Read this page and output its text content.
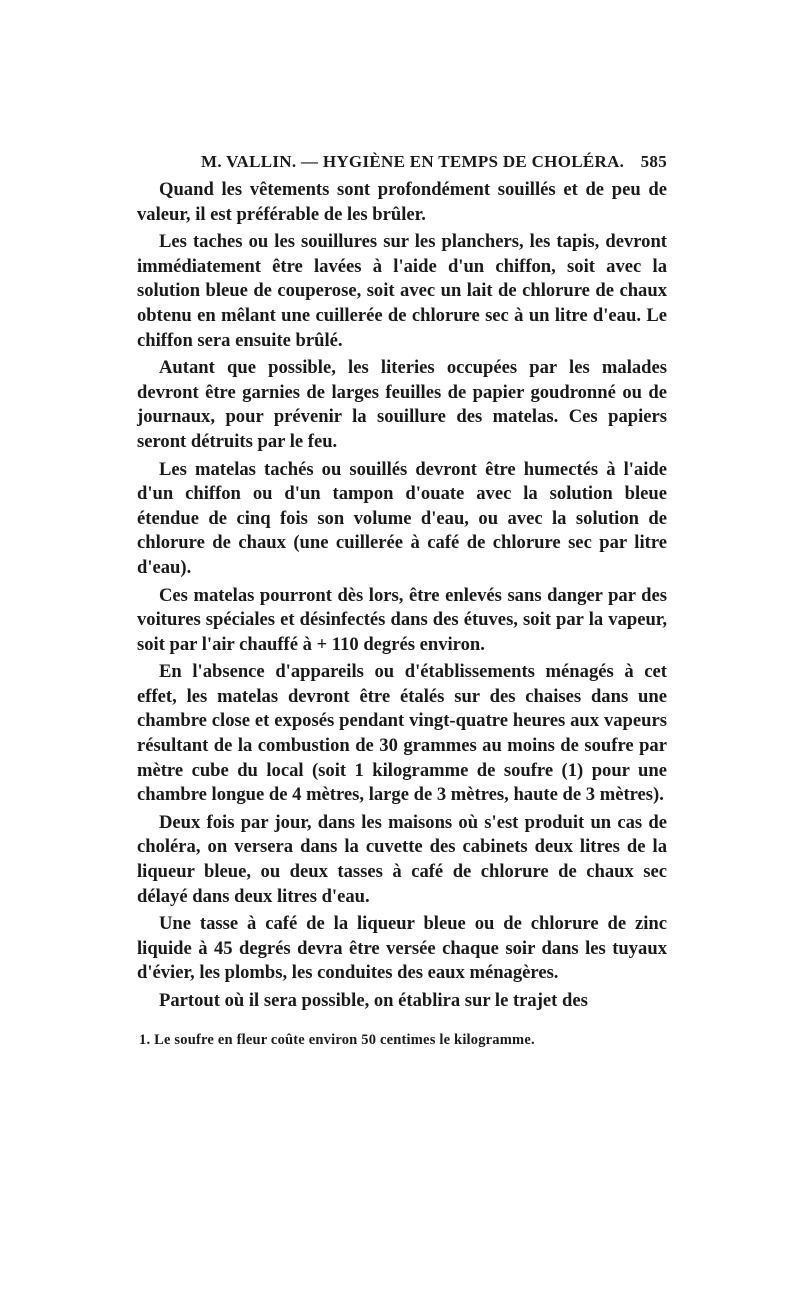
M. VALLIN. — HYGIÈNE EN TEMPS DE CHOLÉRA. 585

Quand les vêtements sont profondément souillés et de peu de valeur, il est préférable de les brûler.

Les taches ou les souillures sur les planchers, les tapis, devront immédiatement être lavées à l'aide d'un chiffon, soit avec la solution bleue de couperose, soit avec un lait de chlorure de chaux obtenu en mêlant une cuillerée de chlorure sec à un litre d'eau. Le chiffon sera ensuite brûlé.

Autant que possible, les literies occupées par les malades devront être garnies de larges feuilles de papier goudronné ou de journaux, pour prévenir la souillure des matelas. Ces papiers seront détruits par le feu.

Les matelas tachés ou souillés devront être humectés à l'aide d'un chiffon ou d'un tampon d'ouate avec la solution bleue étendue de cinq fois son volume d'eau, ou avec la solution de chlorure de chaux (une cuillerée à café de chlorure sec par litre d'eau).

Ces matelas pourront dès lors, être enlevés sans danger par des voitures spéciales et désinfectés dans des étuves, soit par la vapeur, soit par l'air chauffé à + 110 degrés environ.

En l'absence d'appareils ou d'établissements ménagés à cet effet, les matelas devront être étalés sur des chaises dans une chambre close et exposés pendant vingt-quatre heures aux vapeurs résultant de la combustion de 30 grammes au moins de soufre par mètre cube du local (soit 1 kilogramme de soufre (1) pour une chambre longue de 4 mètres, large de 3 mètres, haute de 3 mètres).

Deux fois par jour, dans les maisons où s'est produit un cas de choléra, on versera dans la cuvette des cabinets deux litres de la liqueur bleue, ou deux tasses à café de chlorure de chaux sec délayé dans deux litres d'eau.

Une tasse à café de la liqueur bleue ou de chlorure de zinc liquide à 45 degrés devra être versée chaque soir dans les tuyaux d'évier, les plombs, les conduites des eaux ménagères.

Partout où il sera possible, on établira sur le trajet des

1. Le soufre en fleur coûte environ 50 centimes le kilogramme.
